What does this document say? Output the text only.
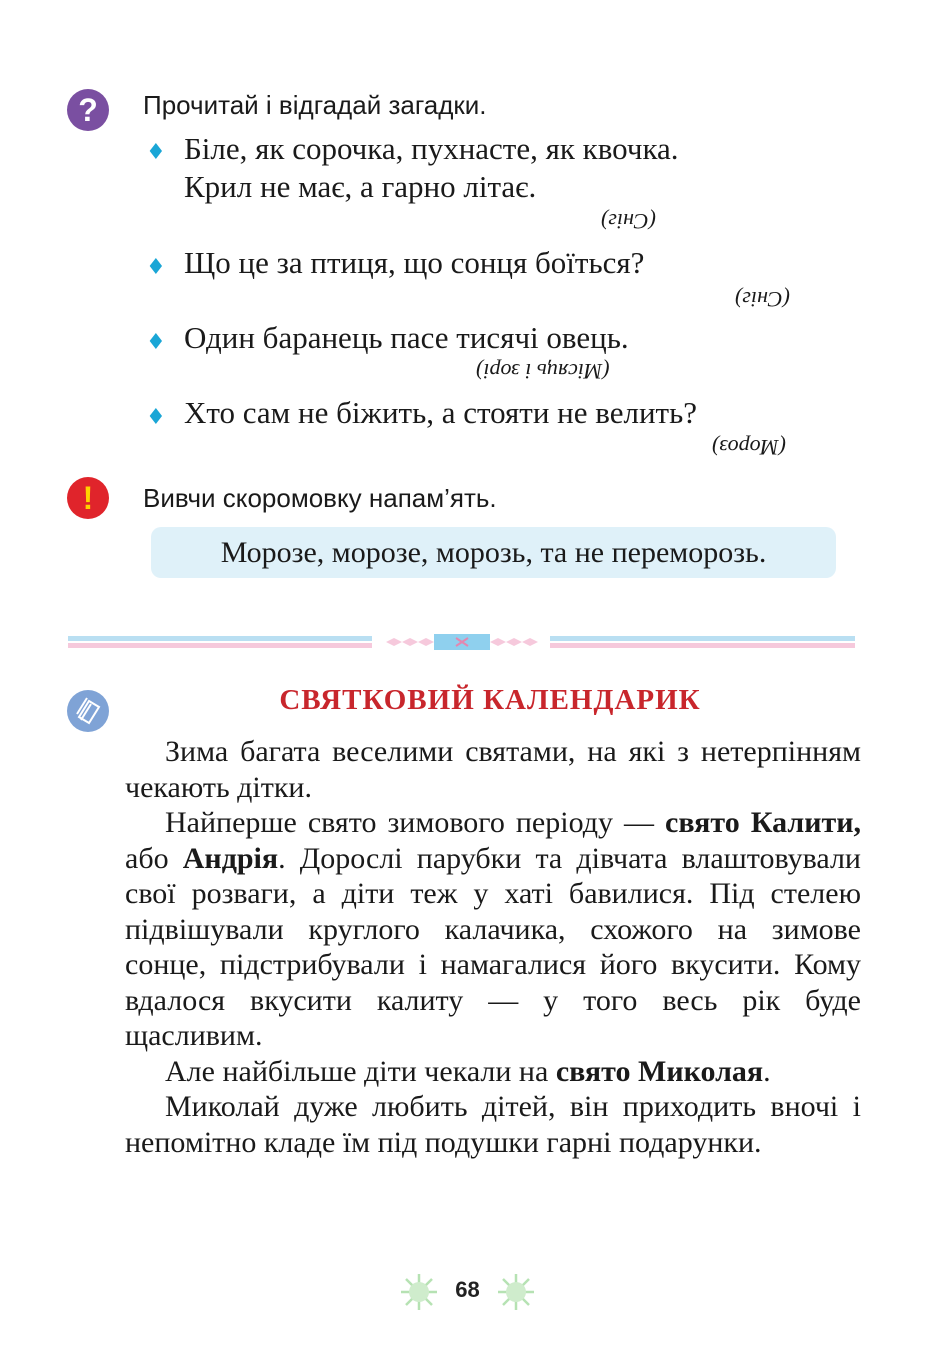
?	Прочитай і відгадай загадки.
♦ Біле, як сорочка, пухнасте, як квочка.
Крил не має, а гарно літає.
(Сніг)
♦ Що це за птиця, що сонця боїться?
(Сніг)
♦ Один баранець пасе тисячі овець.
(Місяць і зорі)
♦ Хто сам не біжить, а стояти не велить?
(Мороз)
!	Вивчи скоромовку напам’ять.
Морозе, морозе, морозь, та не переморозь.
СВЯТКОВИЙ КАЛЕНДАРИК

Зима багата веселими святами, на які з нетерпінням чекають дітки.

Найперше свято зимового періоду — свято Калити, або Андрія. Дорослі парубки та дівчата влаштовували свої розваги, а діти теж у хаті бавилися. Під стелею підвішували круглого калачика, схожого на зимове сонце, підстрибували і намагалися його вкусити. Кому вдалося вкусити калиту — у того весь рік буде щасливим.

Але найбільше діти чекали на свято Миколая.

Миколай дуже любить дітей, він приходить вночі і непомітно кладе їм під подушки гарні подарунки.

68
